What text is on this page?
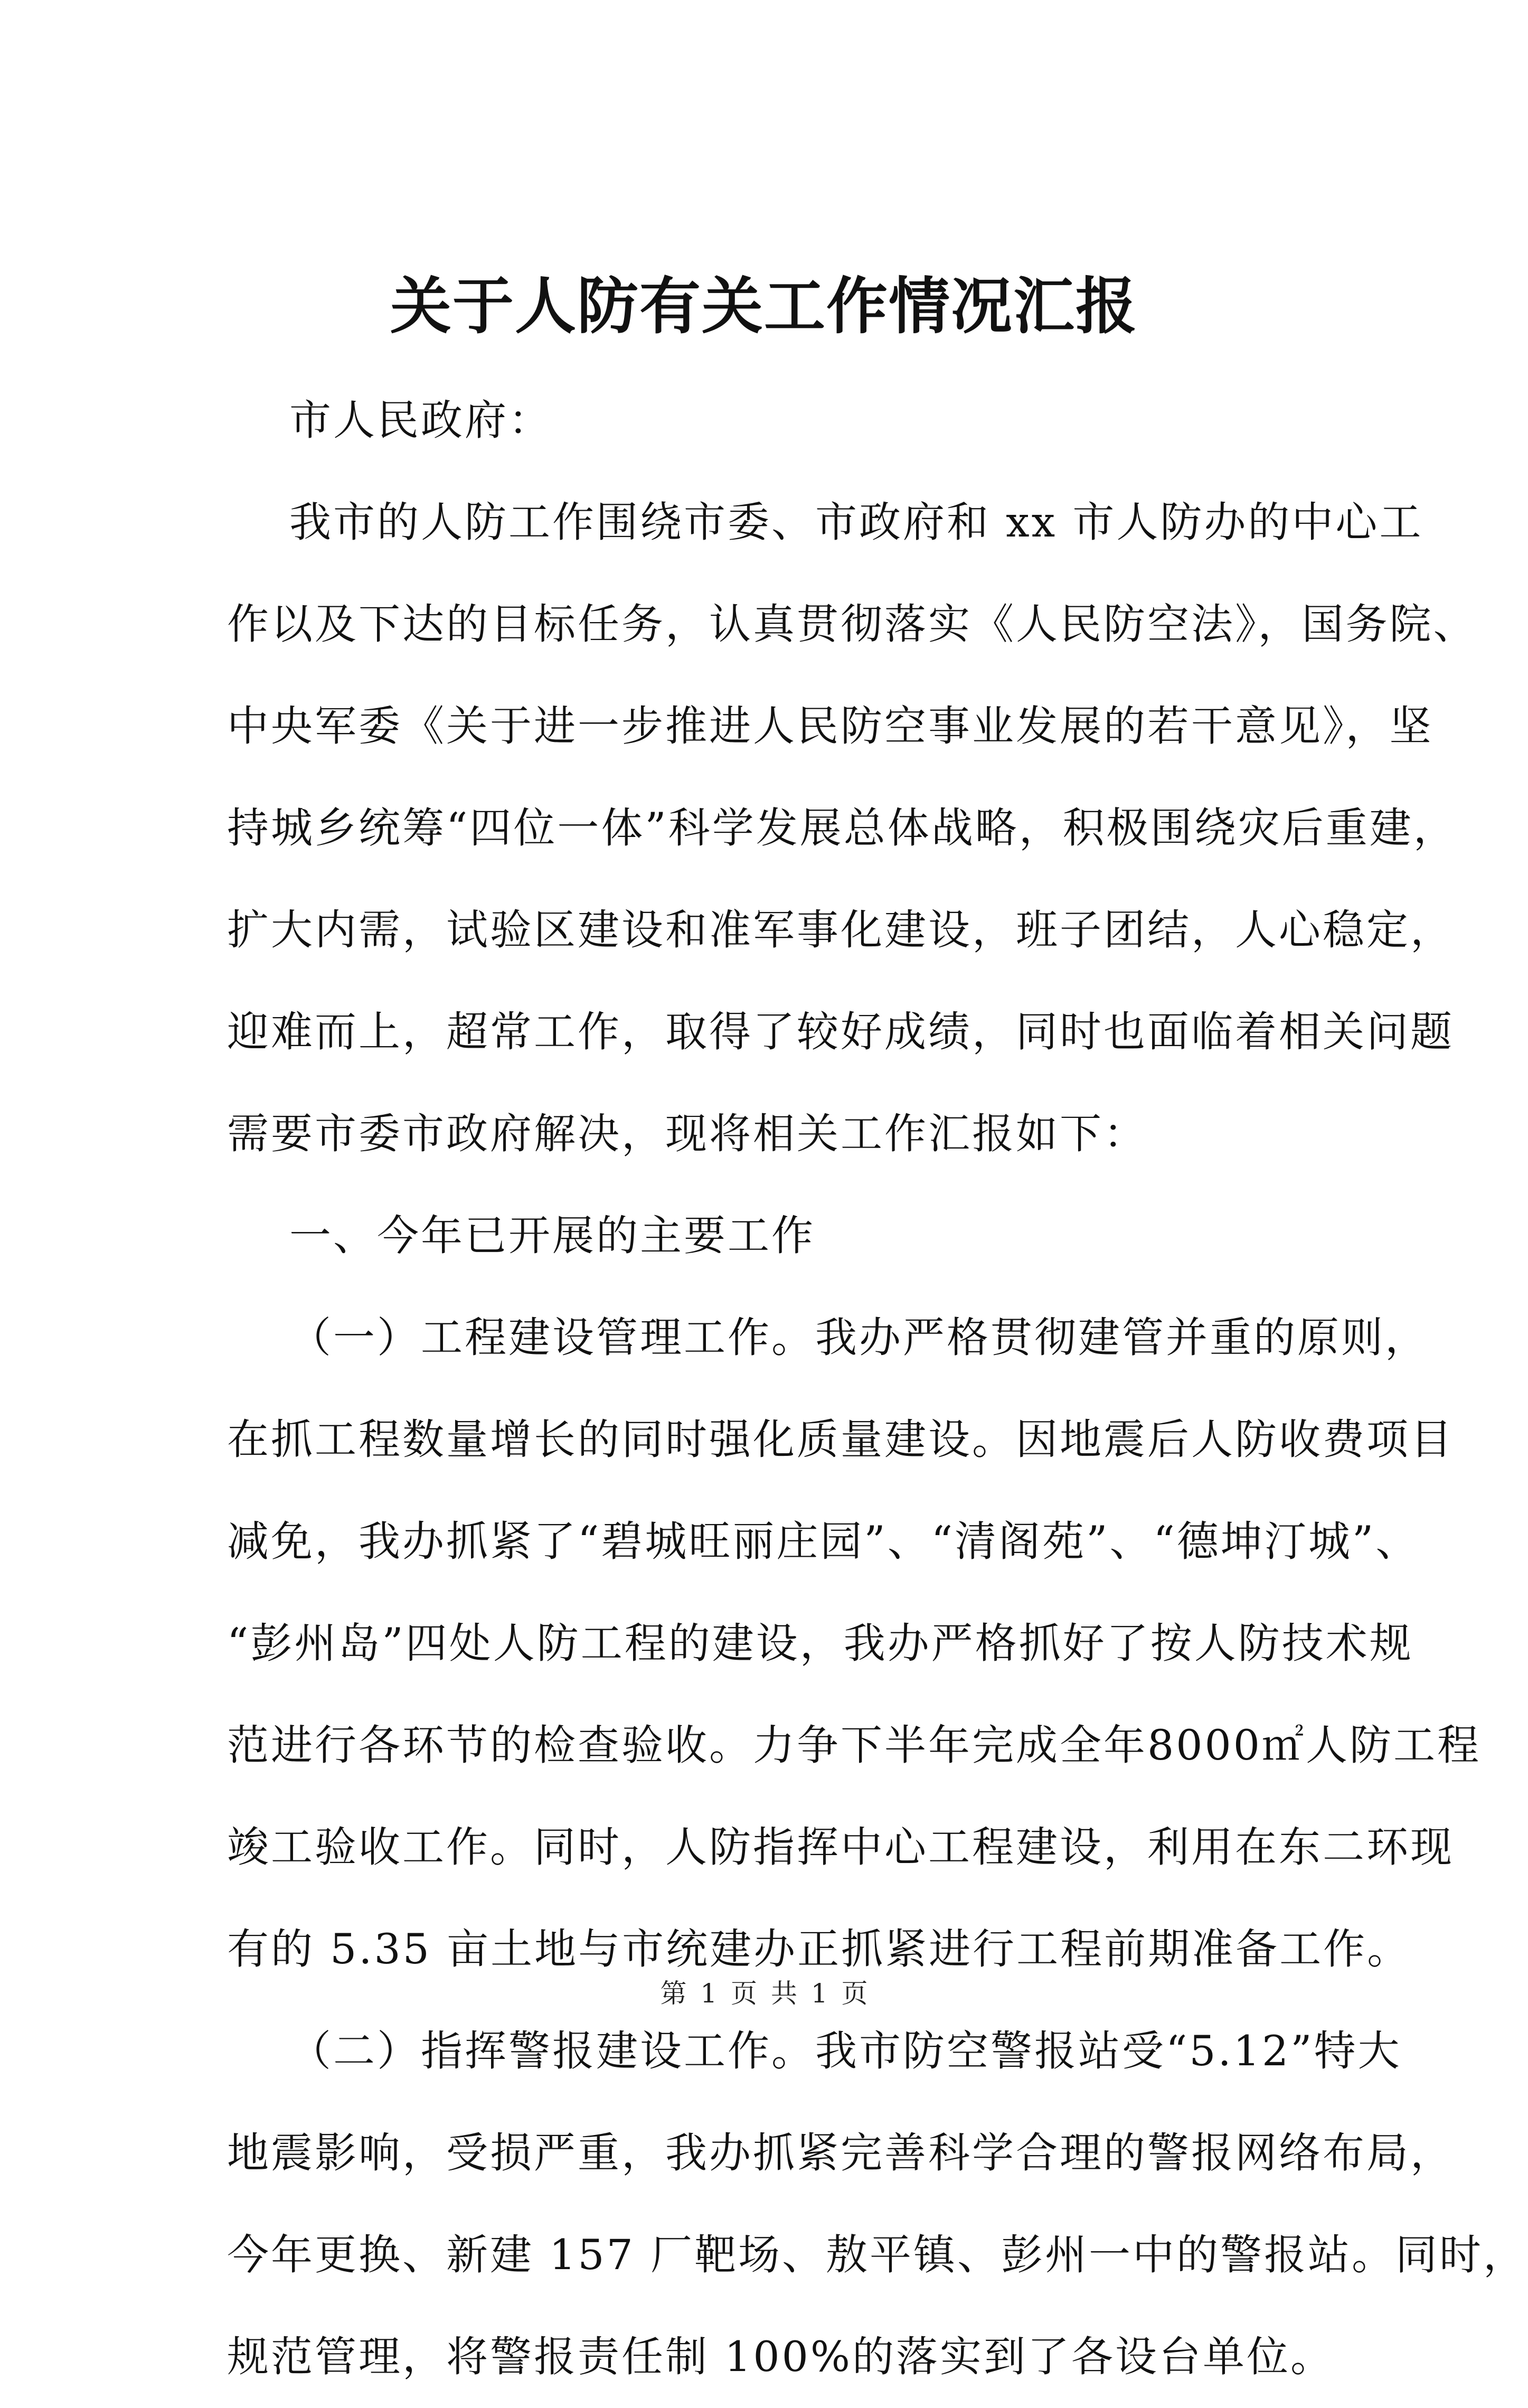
关于人防有关工作情况汇报
市人民政府：
我市的人防工作围绕市委、市政府和 xx 市人防办的中心工
作以及下达的目标任务，认真贯彻落实《人民防空法》，国务院、
中央军委《关于进一步推进人民防空事业发展的若干意见》，坚
持城乡统筹“四位一体”科学发展总体战略，积极围绕灾后重建，
扩大内需，试验区建设和准军事化建设，班子团结，人心稳定，
迎难而上，超常工作，取得了较好成绩，同时也面临着相关问题
需要市委市政府解决，现将相关工作汇报如下：
一、今年已开展的主要工作
（一）工程建设管理工作。我办严格贯彻建管并重的原则，
在抓工程数量增长的同时强化质量建设。因地震后人防收费项目
减免，我办抓紧了“碧城旺丽庄园”、“清阁苑”、“德坤汀城”、
“彭州岛”四处人防工程的建设，我办严格抓好了按人防技术规
范进行各环节的检查验收。力争下半年完成全年8000㎡人防工程
竣工验收工作。同时，人防指挥中心工程建设，利用在东二环现
有的 5.35 亩土地与市统建办正抓紧进行工程前期准备工作。
（二）指挥警报建设工作。我市防空警报站受“5.12”特大
地震影响，受损严重，我办抓紧完善科学合理的警报网络布局，
今年更换、新建 157 厂靶场、敖平镇、彭州一中的警报站。同时，
规范管理，将警报责任制 100%的落实到了各设台单位。
第 1 页 共 1 页
